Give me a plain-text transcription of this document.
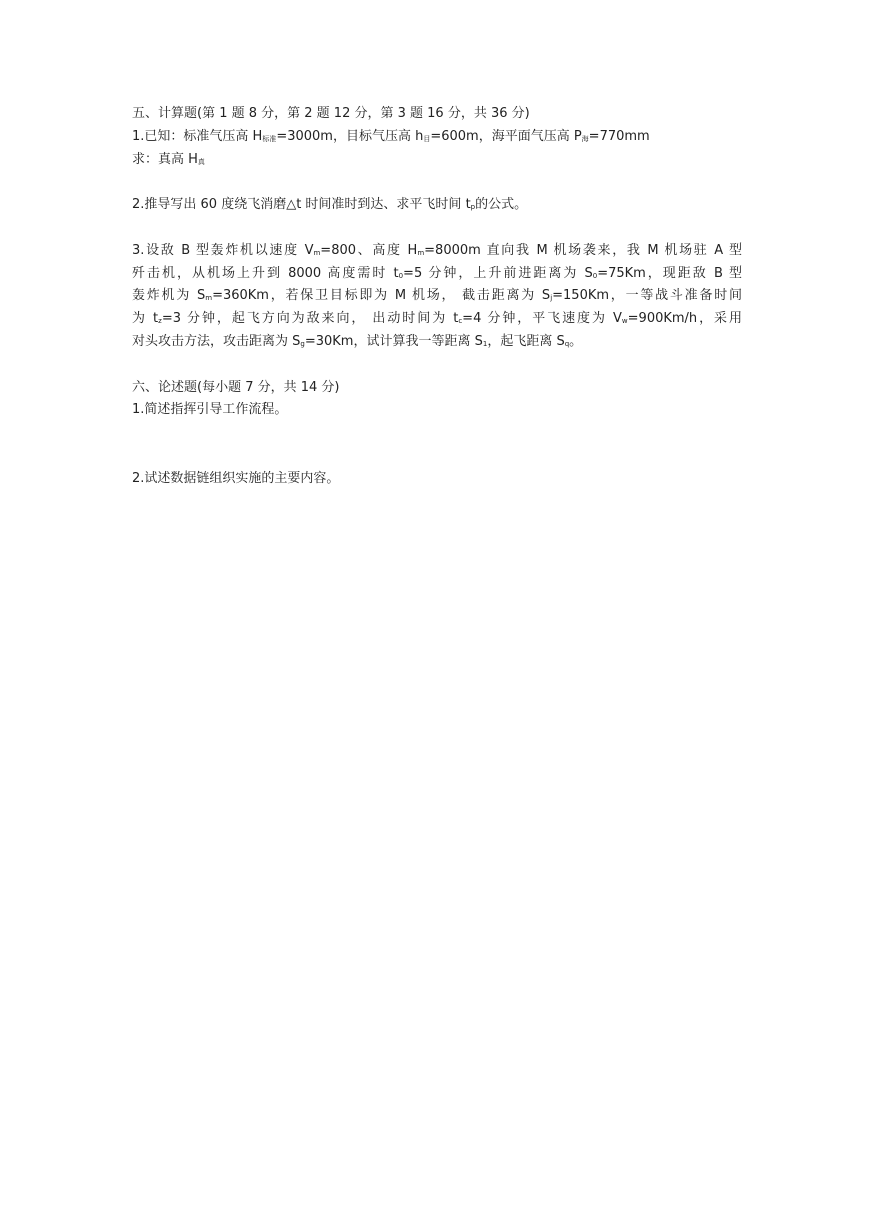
五、计算题(第 1 题 8 分，第 2 题 12 分，第 3 题 16 分，共 36 分)
1.已知：标准气压高 $H_{标准}=3000m$，目标气压高 $h_目=600m$，海平面气压高 $P_海=770mm$
求：真高 $H_真$
2.推导写出 60 度绕飞消磨△t 时间准时到达、求平飞时间 $t_p$的公式。
3.设敌 B 型轰炸机以速度 $V_m=800$、高度 $H_m=8000m$ 直向我 M 机场袭来，我 M 机场驻 A 型
歼击机，从机场上升到 8000 高度需时 $t_0=5$ 分钟，上升前进距离为 $S_0=75Km$，现距敌 B 型
轰炸机为 $S_m=360Km$，若保卫目标即为 M 机场， 截击距离为 $S_j=150Km$，一等战斗准备时间
为 $t_z=3$ 分钟，起飞方向为敌来向， 出动时间为 $t_c=4$ 分钟，平飞速度为 $V_w=900Km/h$，采用
对头攻击方法，攻击距离为 $S_g=30Km$，试计算我一等距离 $S_1$，起飞距离 $S_q$。
六、论述题(每小题 7 分，共 14 分)
1.简述指挥引导工作流程。
2.试述数据链组织实施的主要内容。
